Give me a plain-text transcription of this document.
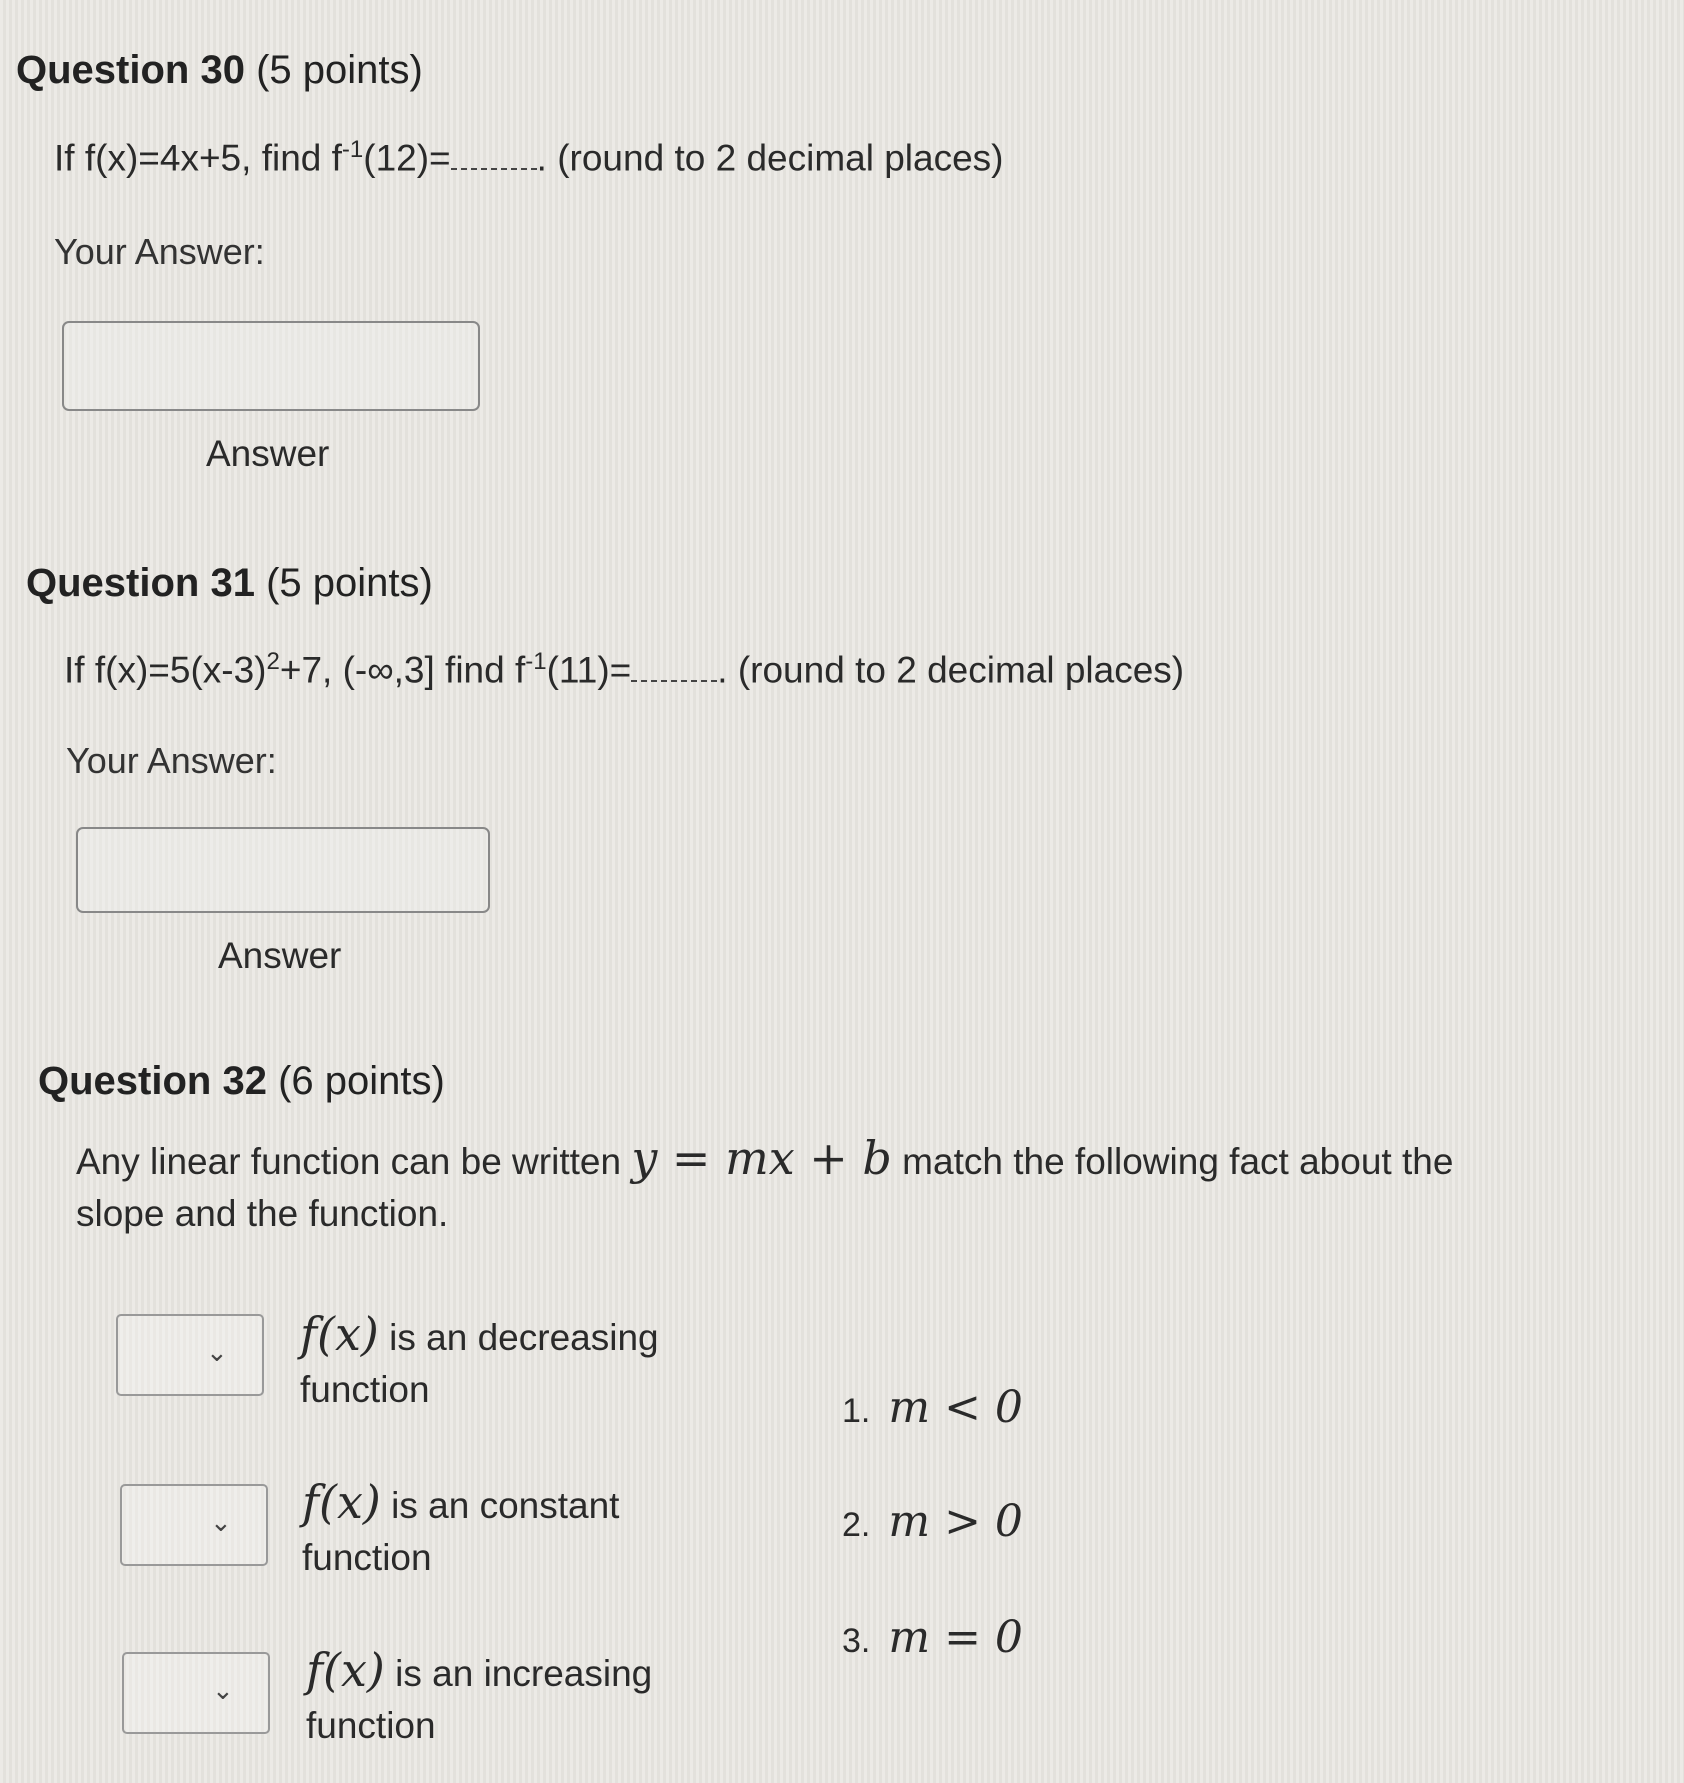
Question 30 (5 points)
If f(x)=4x+5, find $f^{-1}(12)=$ . (round to 2 decimal places)
Your Answer:
Answer
Question 31 (5 points)
If $f(x)=5(x-3)^2+7$, (-∞,3] find $f^{-1}(11)=$ . (round to 2 decimal places)
Your Answer:
Answer
Question 32 (6 points)
Any linear function can be written y = mx + b match the following fact about the slope and the function.
⌄ f(x) is an decreasing function
⌄ f(x) is an constant function
⌄ f(x) is an increasing function
1. m < 0
2. m > 0
3. m = 0
